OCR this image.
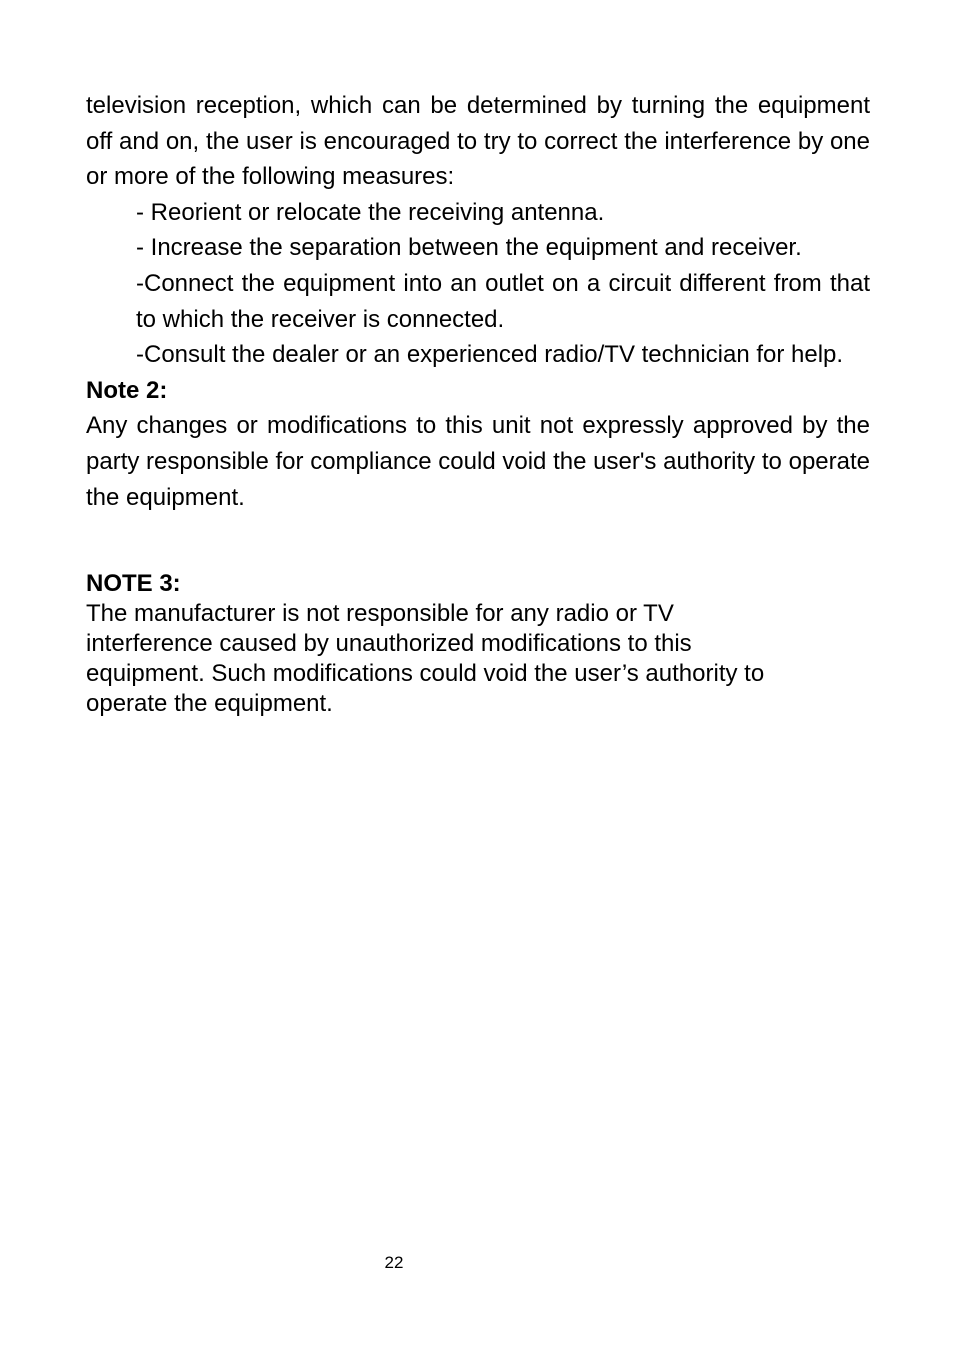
television reception, which can be determined by turning the equipment off and on, the user is encouraged to try to correct the interference by one or more of the following measures:

- Reorient or relocate the receiving antenna.
- Increase the separation between the equipment and receiver.
-Connect the equipment into an outlet on a circuit different from that to which the receiver is connected.
-Consult the dealer or an experienced radio/TV technician for help.

Note 2:

Any changes or modifications to this unit not expressly approved by the party responsible for compliance could void the user's authority to operate the equipment.

NOTE 3:

The manufacturer is not responsible for any radio or TV
interference caused by unauthorized modifications to this
equipment. Such modifications could void the user’s authority to
operate the equipment.
22
